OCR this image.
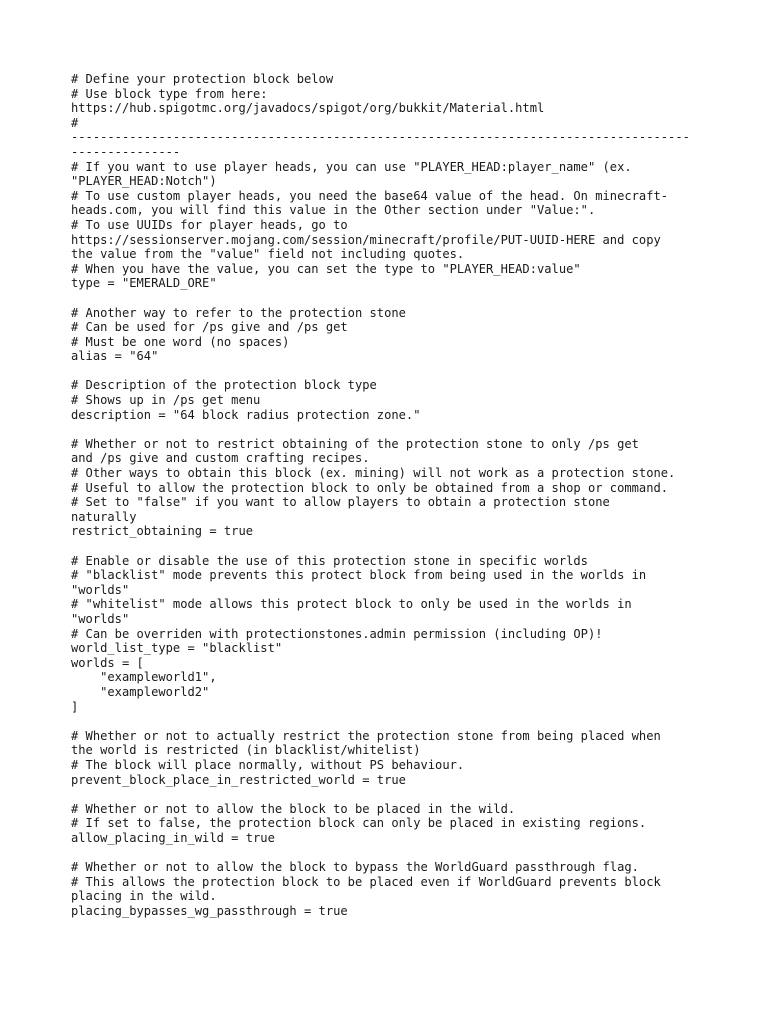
# Define your protection block below
# Use block type from here:
https://hub.spigotmc.org/javadocs/spigot/org/bukkit/Material.html
#
-------------------------------------------------------------------------------------
---------------
# If you want to use player heads, you can use "PLAYER_HEAD:player_name" (ex.
"PLAYER_HEAD:Notch")
# To use custom player heads, you need the base64 value of the head. On minecraft-
heads.com, you will find this value in the Other section under "Value:".
# To use UUIDs for player heads, go to
https://sessionserver.mojang.com/session/minecraft/profile/PUT-UUID-HERE and copy
the value from the "value" field not including quotes.
# When you have the value, you can set the type to "PLAYER_HEAD:value"
type = "EMERALD_ORE"
# Another way to refer to the protection stone
# Can be used for /ps give and /ps get
# Must be one word (no spaces)
alias = "64"
# Description of the protection block type
# Shows up in /ps get menu
description = "64 block radius protection zone."
# Whether or not to restrict obtaining of the protection stone to only /ps get
and /ps give and custom crafting recipes.
# Other ways to obtain this block (ex. mining) will not work as a protection stone.
# Useful to allow the protection block to only be obtained from a shop or command.
# Set to "false" if you want to allow players to obtain a protection stone
naturally
restrict_obtaining = true
# Enable or disable the use of this protection stone in specific worlds
# "blacklist" mode prevents this protect block from being used in the worlds in
"worlds"
# "whitelist" mode allows this protect block to only be used in the worlds in
"worlds"
# Can be overriden with protectionstones.admin permission (including OP)!
world_list_type = "blacklist"
worlds = [
"exampleworld1",
"exampleworld2"
]
# Whether or not to actually restrict the protection stone from being placed when
the world is restricted (in blacklist/whitelist)
# The block will place normally, without PS behaviour.
prevent_block_place_in_restricted_world = true
# Whether or not to allow the block to be placed in the wild.
# If set to false, the protection block can only be placed in existing regions.
allow_placing_in_wild = true
# Whether or not to allow the block to bypass the WorldGuard passthrough flag.
# This allows the protection block to be placed even if WorldGuard prevents block
placing in the wild.
placing_bypasses_wg_passthrough = true
